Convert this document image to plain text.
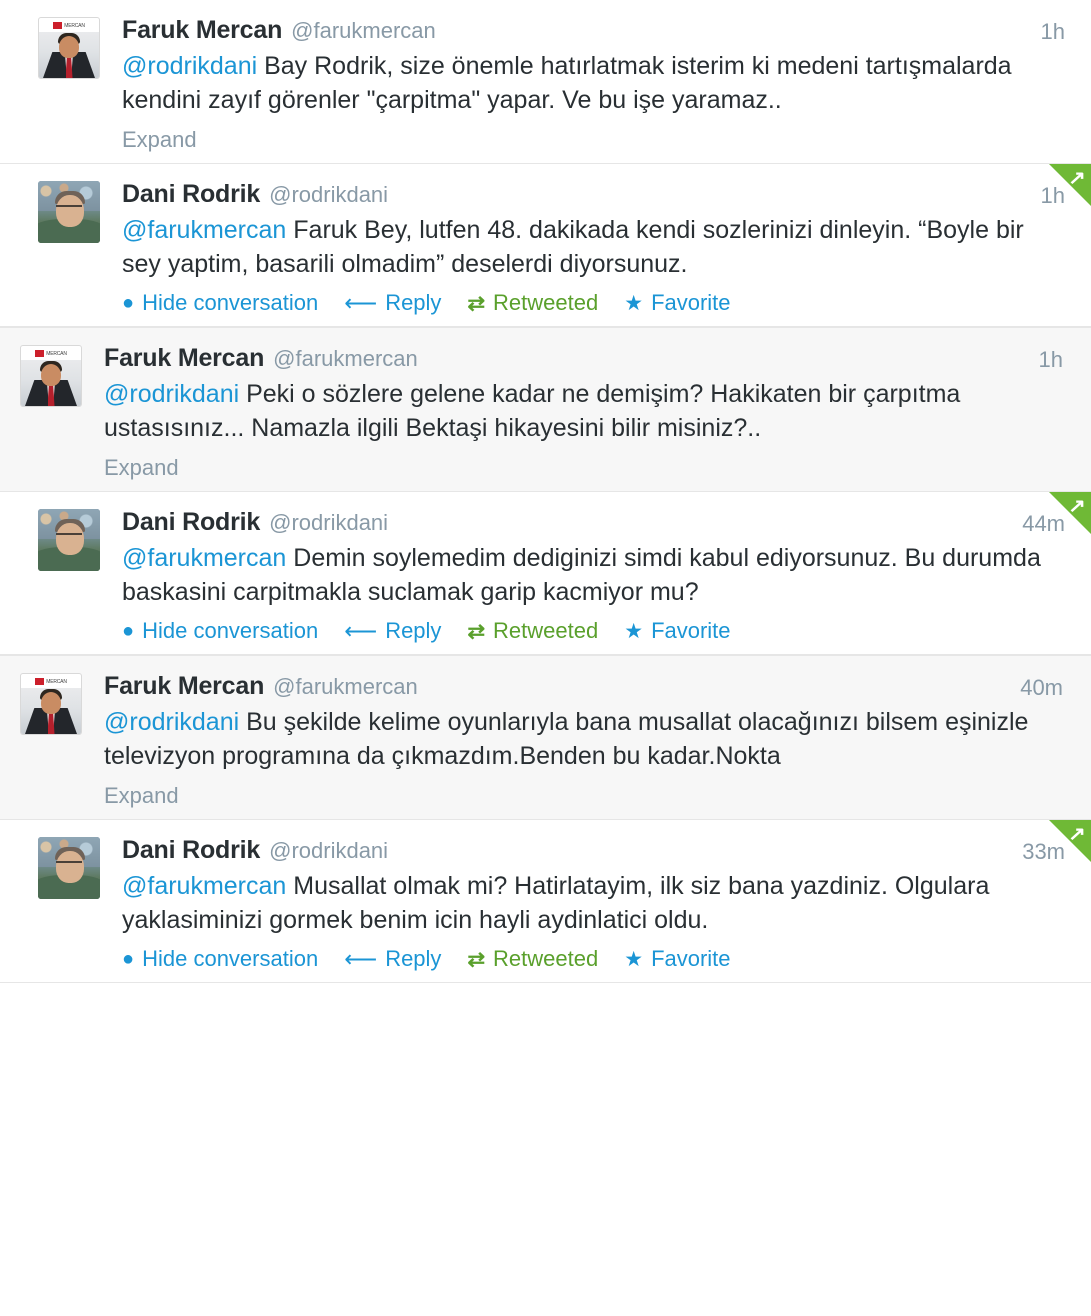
MERCAN	Faruk Mercan @farukmercan
@rodrikdani Bay Rodrik, size önemle hatırlatmak isterim ki medeni tartışmalarda kendini zayıf görenler "çarpitma" yapar. Ve bu işe yaramaz..
Expand
1h
↗
Dani Rodrik @rodrikdani
@farukmercan Faruk Bey, lutfen 48. dakikada kendi sozlerinizi dinleyin. “Boyle bir sey yaptim, basarili olmadim” deselerdi diyorsunuz.
● Hide conversation ⟵ Reply ⇄ Retweeted ★ Favorite
1h
MERCAN	Faruk Mercan @farukmercan
@rodrikdani Peki o sözlere gelene kadar ne demişim? Hakikaten bir çarpıtma ustasısınız... Namazla ilgili Bektaşi hikayesini bilir misiniz?..
Expand
1h
↗
Dani Rodrik @rodrikdani
@farukmercan Demin soylemedim dediginizi simdi kabul ediyorsunuz. Bu durumda baskasini carpitmakla suclamak garip kacmiyor mu?
● Hide conversation ⟵ Reply ⇄ Retweeted ★ Favorite
44m
MERCAN	Faruk Mercan @farukmercan
@rodrikdani Bu şekilde kelime oyunlarıyla bana musallat olacağınızı bilsem eşinizle televizyon programına da çıkmazdım.Benden bu kadar.Nokta
Expand
40m
↗
Dani Rodrik @rodrikdani
@farukmercan Musallat olmak mi? Hatirlatayim, ilk siz bana yazdiniz. Olgulara yaklasiminizi gormek benim icin hayli aydinlatici oldu.
● Hide conversation ⟵ Reply ⇄ Retweeted ★ Favorite
33m
